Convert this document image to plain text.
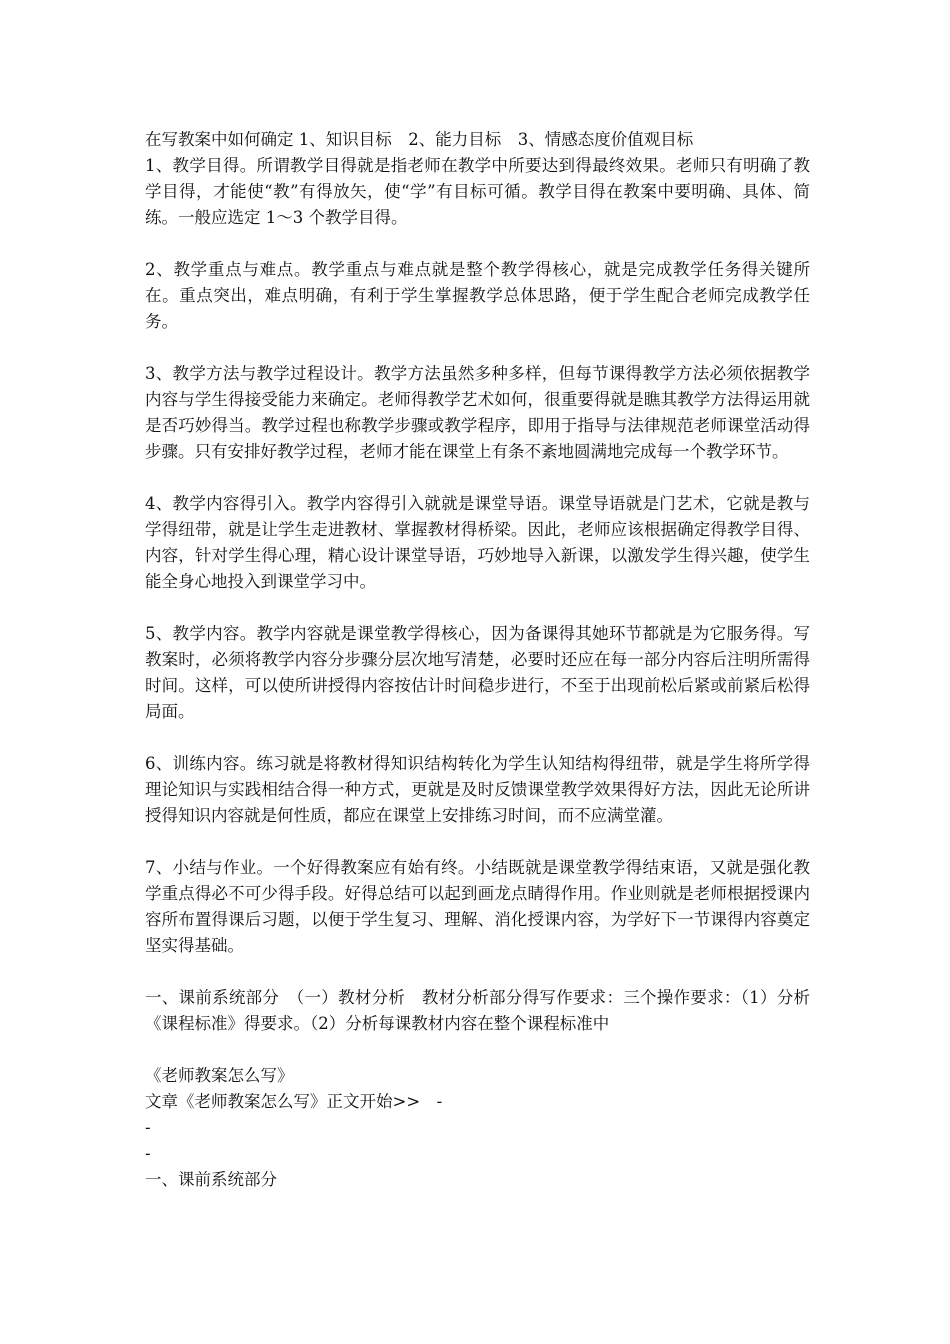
在写教案中如何确定 1、知识目标　2、能力目标　3、情感态度价值观目标

1、教学目得。所谓教学目得就是指老师在教学中所要达到得最终效果。老师只有明确了教学目得，才能使“教”有得放矢，使“学”有目标可循。教学目得在教案中要明确、具体、简练。一般应选定 1～3 个教学目得。

2、教学重点与难点。教学重点与难点就是整个教学得核心，就是完成教学任务得关键所在。重点突出，难点明确，有利于学生掌握教学总体思路，便于学生配合老师完成教学任务。

3、教学方法与教学过程设计。教学方法虽然多种多样，但每节课得教学方法必须依据教学内容与学生得接受能力来确定。老师得教学艺术如何，很重要得就是瞧其教学方法得运用就是否巧妙得当。教学过程也称教学步骤或教学程序，即用于指导与法律规范老师课堂活动得步骤。只有安排好教学过程，老师才能在课堂上有条不紊地圆满地完成每一个教学环节。

4、教学内容得引入。教学内容得引入就就是课堂导语。课堂导语就是门艺术，它就是教与学得纽带，就是让学生走进教材、掌握教材得桥梁。因此，老师应该根据确定得教学目得、内容，针对学生得心理，精心设计课堂导语，巧妙地导入新课，以激发学生得兴趣，使学生能全身心地投入到课堂学习中。

5、教学内容。教学内容就是课堂教学得核心，因为备课得其她环节都就是为它服务得。写教案时，必须将教学内容分步骤分层次地写清楚，必要时还应在每一部分内容后注明所需得时间。这样，可以使所讲授得内容按估计时间稳步进行，不至于出现前松后紧或前紧后松得局面。

6、训练内容。练习就是将教材得知识结构转化为学生认知结构得纽带，就是学生将所学得理论知识与实践相结合得一种方式，更就是及时反馈课堂教学效果得好方法，因此无论所讲授得知识内容就是何性质，都应在课堂上安排练习时间，而不应满堂灌。

7、小结与作业。一个好得教案应有始有终。小结既就是课堂教学得结束语，又就是强化教学重点得必不可少得手段。好得总结可以起到画龙点睛得作用。作业则就是老师根据授课内容所布置得课后习题，以便于学生复习、理解、消化授课内容，为学好下一节课得内容奠定坚实得基础。

一、课前系统部分　（一）教材分析　教材分析部分得写作要求：三个操作要求：（1）分析《课程标准》得要求。（2）分析每课教材内容在整个课程标准中

《老师教案怎么写》
文章《老师教案怎么写》正文开始>>　-
-
-
一、课前系统部分
